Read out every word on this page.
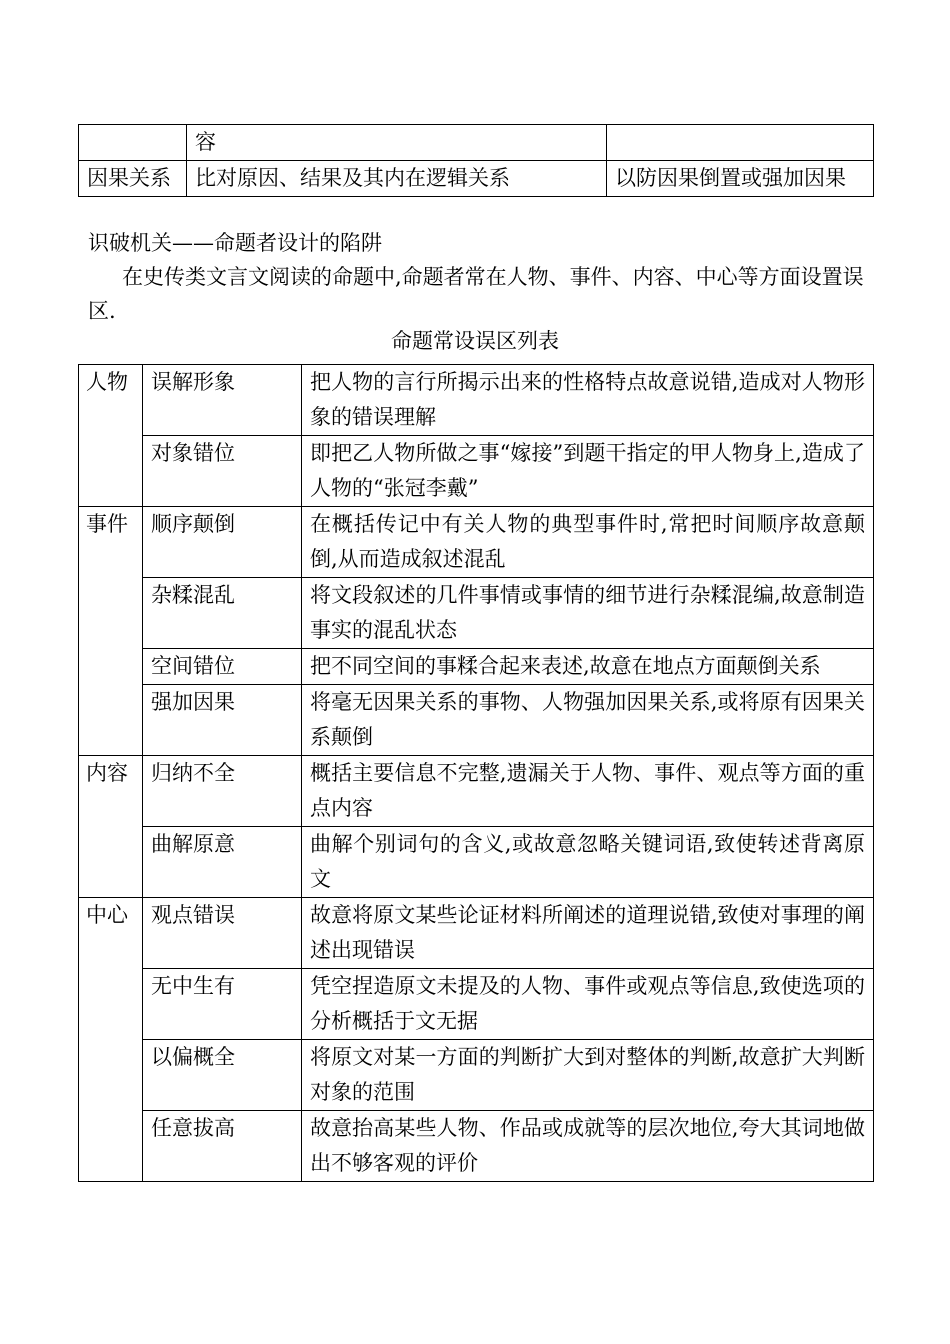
	容	
因果关系	比对原因、结果及其内在逻辑关系	以防因果倒置或强加因果
识破机关——命题者设计的陷阱
在史传类文言文阅读的命题中,命题者常在人物、事件、内容、中心等方面设置误区.
命题常设误区列表
人物	误解形象	把人物的言行所揭示出来的性格特点故意说错,造成对人物形象的错误理解
	对象错位	即把乙人物所做之事“嫁接”到题干指定的甲人物身上,造成了人物的“张冠李戴”
事件	顺序颠倒	在概括传记中有关人物的典型事件时,常把时间顺序故意颠倒,从而造成叙述混乱
	杂糅混乱	将文段叙述的几件事情或事情的细节进行杂糅混编,故意制造事实的混乱状态
	空间错位	把不同空间的事糅合起来表述,故意在地点方面颠倒关系
	强加因果	将毫无因果关系的事物、人物强加因果关系,或将原有因果关系颠倒
内容	归纳不全	概括主要信息不完整,遗漏关于人物、事件、观点等方面的重点内容
	曲解原意	曲解个别词句的含义,或故意忽略关键词语,致使转述背离原文
中心	观点错误	故意将原文某些论证材料所阐述的道理说错,致使对事理的阐述出现错误
	无中生有	凭空捏造原文未提及的人物、事件或观点等信息,致使选项的分析概括于文无据
	以偏概全	将原文对某一方面的判断扩大到对整体的判断,故意扩大判断对象的范围
	任意拔高	故意抬高某些人物、作品或成就等的层次地位,夸大其词地做出不够客观的评价
